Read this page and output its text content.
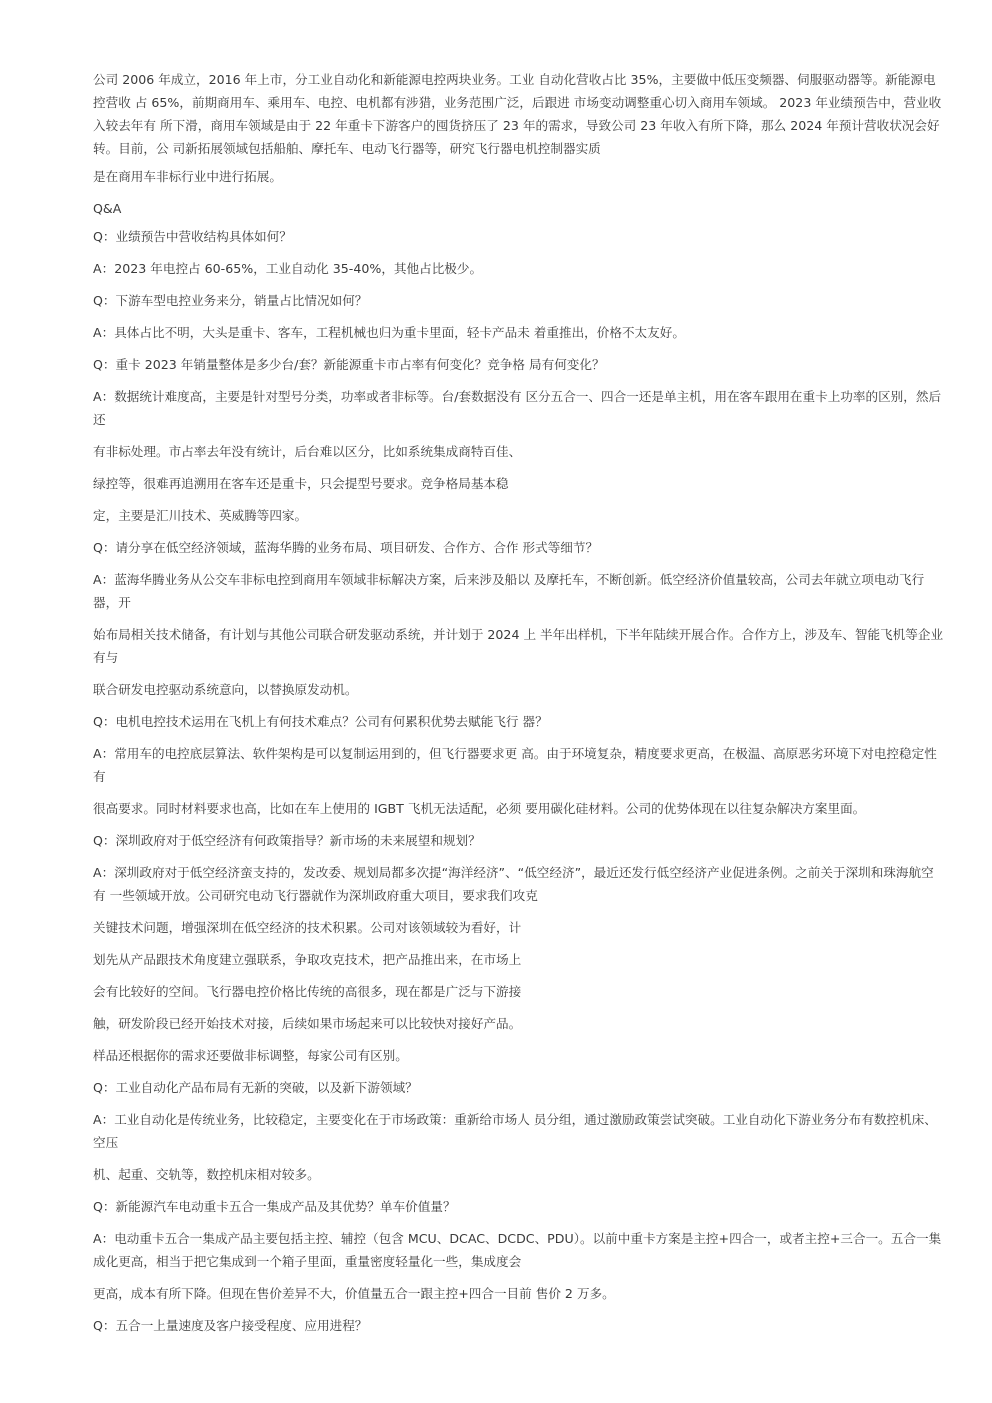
公司 2006 年成立，2016 年上市，分工业自动化和新能源电控两块业务。工业 自动化营收占比 35%，主要做中低压变频器、伺服驱动器等。新能源电控营收 占 65%，前期商用车、乘用车、电控、电机都有涉猎，业务范围广泛，后跟进 市场变动调整重心切入商用车领域。 2023 年业绩预告中，营业收入较去年有 所下滑，商用车领域是由于 22 年重卡下游客户的囤货挤压了 23 年的需求，导致公司 23 年收入有所下降，那么 2024 年预计营收状况会好转。目前，公 司新拓展领域包括船舶、摩托车、电动飞行器等，研究飞行器电机控制器实质

是在商用车非标行业中进行拓展。

Q&A

Q：业绩预告中营收结构具体如何？

A：2023 年电控占 60-65%，工业自动化 35-40%，其他占比极少。

Q：下游车型电控业务来分，销量占比情况如何？

A：具体占比不明，大头是重卡、客车，工程机械也归为重卡里面，轻卡产品未 着重推出，价格不太友好。

Q：重卡 2023 年销量整体是多少台/套？新能源重卡市占率有何变化？竞争格 局有何变化？

A：数据统计难度高，主要是针对型号分类，功率或者非标等。台/套数据没有 区分五合一、四合一还是单主机，用在客车跟用在重卡上功率的区别，然后还

有非标处理。市占率去年没有统计，后台难以区分，比如系统集成商特百佳、

绿控等，很难再追溯用在客车还是重卡，只会提型号要求。竞争格局基本稳

定，主要是汇川技术、英威腾等四家。

Q：请分享在低空经济领域，蓝海华腾的业务布局、项目研发、合作方、合作 形式等细节？

A：蓝海华腾业务从公交车非标电控到商用车领域非标解决方案，后来涉及船以 及摩托车，不断创新。低空经济价值量较高，公司去年就立项电动飞行器，开

始布局相关技术储备，有计划与其他公司联合研发驱动系统，并计划于 2024 上 半年出样机，下半年陆续开展合作。合作方上，涉及车、智能飞机等企业有与

联合研发电控驱动系统意向，以替换原发动机。

Q：电机电控技术运用在飞机上有何技术难点？公司有何累积优势去赋能飞行 器？

A：常用车的电控底层算法、软件架构是可以复制运用到的，但飞行器要求更 高。由于环境复杂，精度要求更高，在极温、高原恶劣环境下对电控稳定性有

很高要求。同时材料要求也高，比如在车上使用的 IGBT 飞机无法适配，必须 要用碳化硅材料。公司的优势体现在以往复杂解决方案里面。

Q：深圳政府对于低空经济有何政策指导？新市场的未来展望和规划？

A：深圳政府对于低空经济蛮支持的，发改委、规划局都多次提“海洋经济”、“低空经济”，最近还发行低空经济产业促进条例。之前关于深圳和珠海航空有 一些领域开放。公司研究电动飞行器就作为深圳政府重大项目，要求我们攻克

关键技术问题，增强深圳在低空经济的技术积累。公司对该领域较为看好，计

划先从产品跟技术角度建立强联系，争取攻克技术，把产品推出来，在市场上

会有比较好的空间。飞行器电控价格比传统的高很多，现在都是广泛与下游接

触，研发阶段已经开始技术对接，后续如果市场起来可以比较快对接好产品。

样品还根据你的需求还要做非标调整，每家公司有区别。

Q：工业自动化产品布局有无新的突破，以及新下游领域？

A：工业自动化是传统业务，比较稳定，主要变化在于市场政策：重新给市场人 员分组，通过激励政策尝试突破。工业自动化下游业务分布有数控机床、空压

机、起重、交轨等，数控机床相对较多。

Q：新能源汽车电动重卡五合一集成产品及其优势？单车价值量？

A：电动重卡五合一集成产品主要包括主控、辅控（包含 MCU、DCAC、DCDC、PDU）。以前中重卡方案是主控+四合一，或者主控+三合一。五合一集 成化更高，相当于把它集成到一个箱子里面，重量密度轻量化一些，集成度会

更高，成本有所下降。但现在售价差异不大，价值量五合一跟主控+四合一目前 售价 2 万多。

Q：五合一上量速度及客户接受程度、应用进程？
